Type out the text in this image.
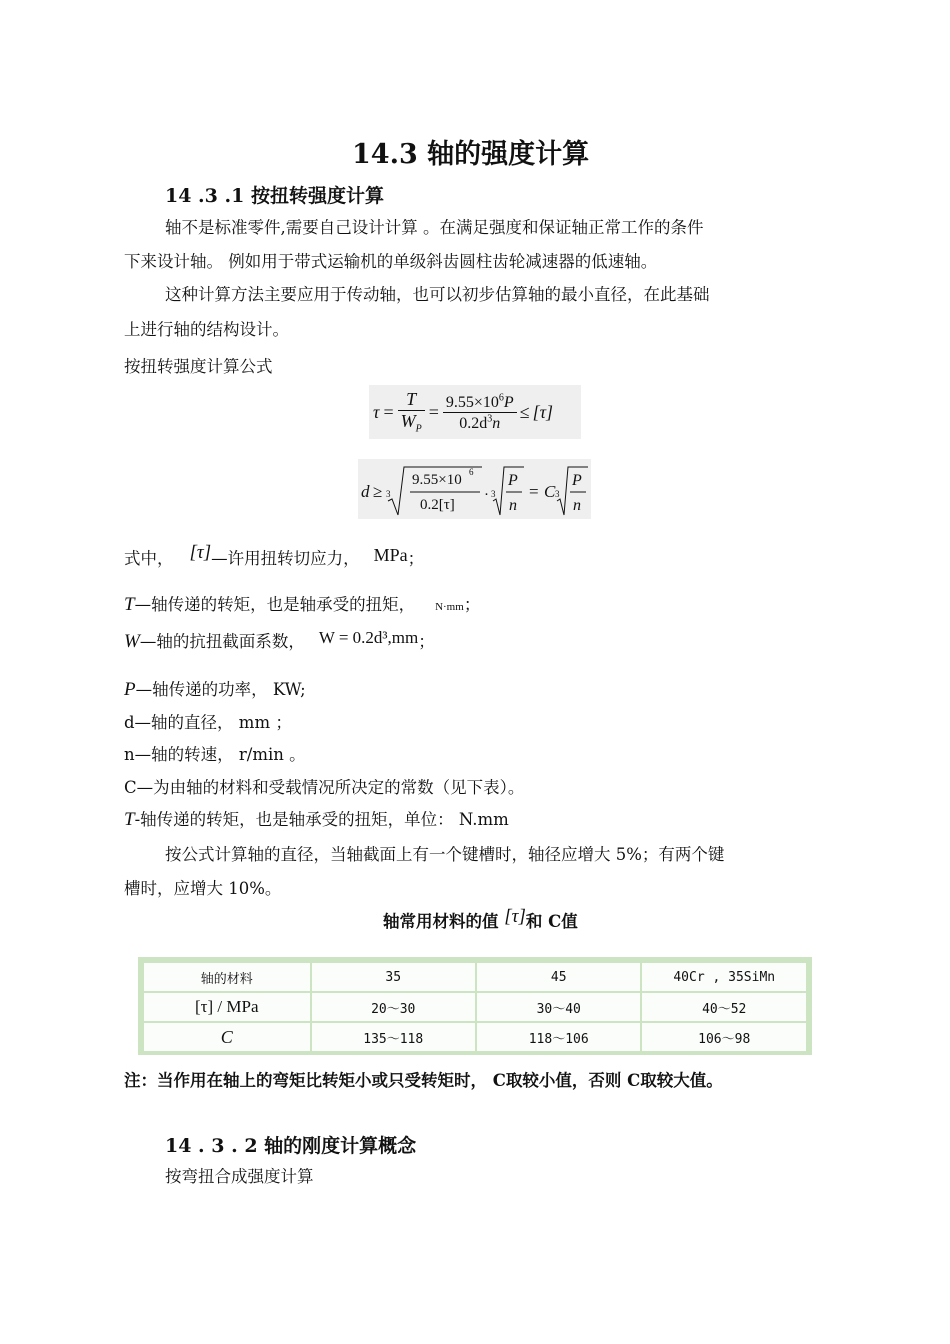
14.3 轴的强度计算
14 .3 .1 按扭转强度计算
轴不是标准零件,需要自己设计计算 。在满足强度和保证轴正常工作的条件
下来设计轴。 例如用于带式运输机的单级斜齿圆柱齿轮减速器的低速轴。
这种计算方法主要应用于传动轴，也可以初步估算轴的最小直径，在此基础
上进行轴的结构设计。
按扭转强度计算公式
$\tau = \frac{T}{W_P} = \frac{9.55\times 10^6P}{0.2d^3n} \le [\tau]$
d ≥ 3
9.55×10 6
0.2[τ]
· 3
P
n
= C 3
P
n
式中， [τ]—许用扭转切应力， MPa；
T—轴传递的转矩，也是轴承受的扭矩， N·mm；
W—轴的抗扭截面系数， W = 0.2d³,mm；
P—轴传递的功率， KW;
d—轴的直径， mm ；
n—轴的转速， r/min 。
C—为由轴的材料和受载情况所决定的常数（见下表）。
T-轴传递的转矩，也是轴承受的扭矩，单位： N.mm
按公式计算轴的直径，当轴截面上有一个键槽时，轴径应增大 5%；有两个键
槽时，应增大 10%。
轴常用材料的值 [τ]和 C值
轴的材料	35	45	40Cr , 35SiMn
[τ] / MPa	20～30	30～40	40～52
C	135～118	118～106	106～98
注：当作用在轴上的弯矩比转矩小或只受转矩时， C取较小值，否则 C取较大值。
14 . 3 . 2 轴的刚度计算概念
按弯扭合成强度计算
